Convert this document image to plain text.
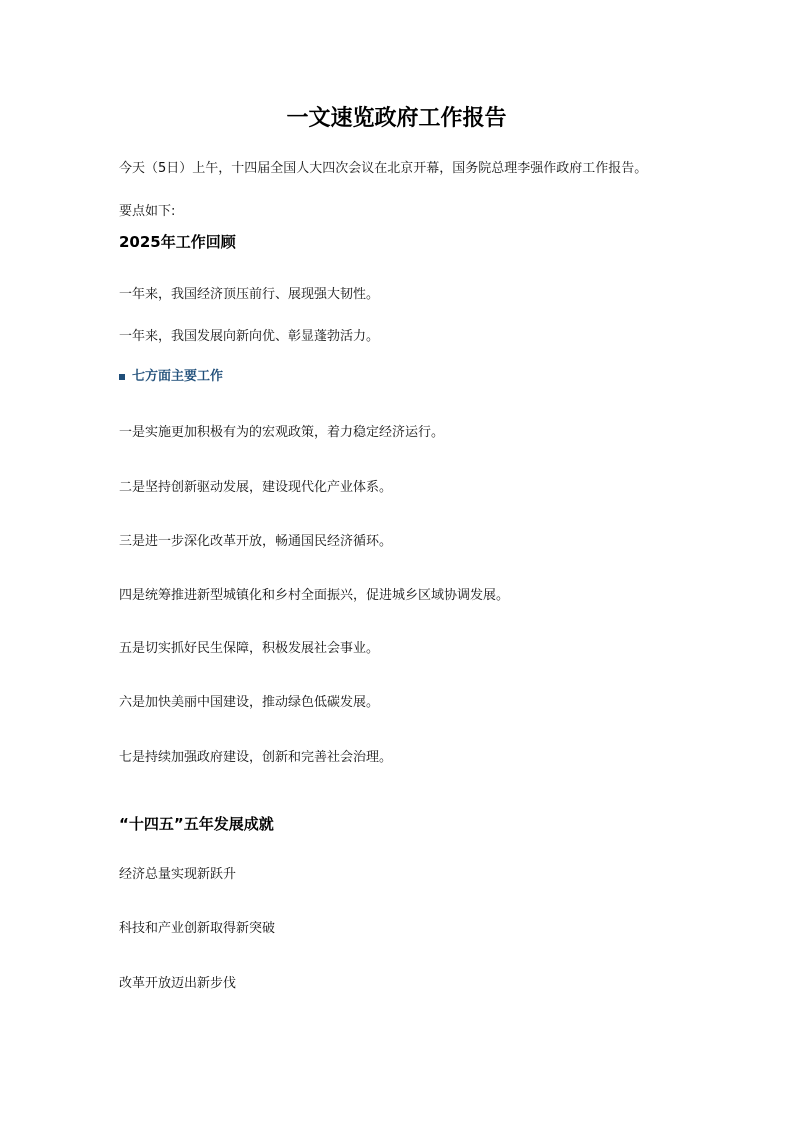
一文速览政府工作报告

今天（5日）上午，十四届全国人大四次会议在北京开幕，国务院总理李强作政府工作报告。

要点如下:

2025年工作回顾

一年来，我国经济顶压前行、展现强大韧性。

一年来，我国发展向新向优、彰显蓬勃活力。

七方面主要工作

一是实施更加积极有为的宏观政策，着力稳定经济运行。

二是坚持创新驱动发展，建设现代化产业体系。

三是进一步深化改革开放，畅通国民经济循环。

四是统筹推进新型城镇化和乡村全面振兴，促进城乡区域协调发展。

五是切实抓好民生保障，积极发展社会事业。

六是加快美丽中国建设，推动绿色低碳发展。

七是持续加强政府建设，创新和完善社会治理。

“十四五”五年发展成就

经济总量实现新跃升

科技和产业创新取得新突破

改革开放迈出新步伐
